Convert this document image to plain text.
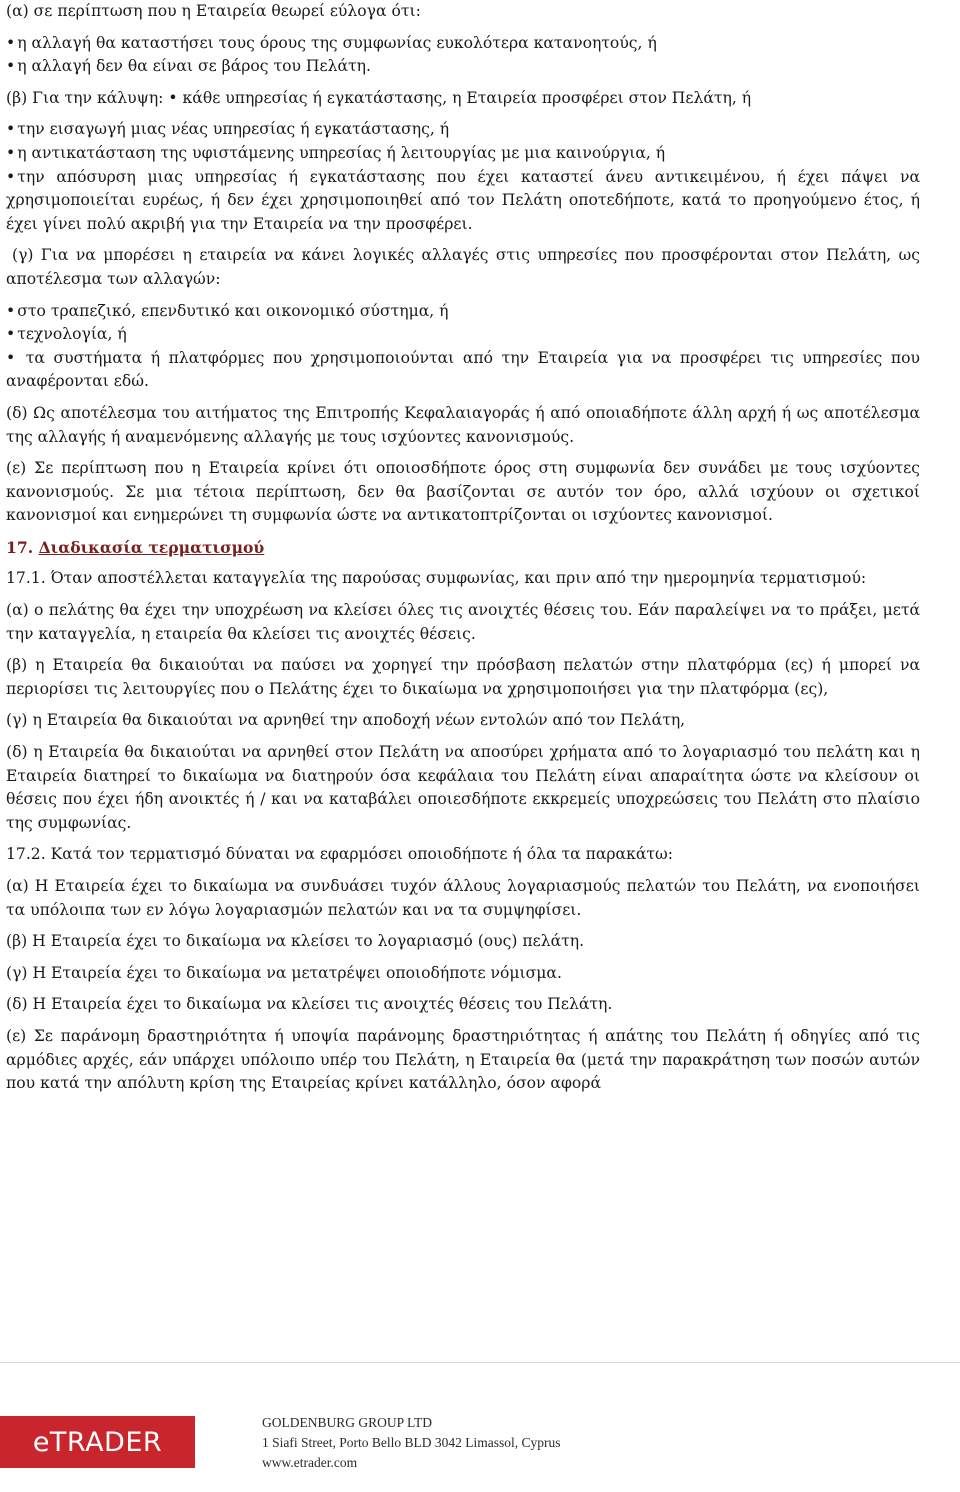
(α) σε περίπτωση που η Εταιρεία θεωρεί εύλογα ότι:

• η αλλαγή θα καταστήσει τους όρους της συμφωνίας ευκολότερα κατανοητούς, ή

• η αλλαγή δεν θα είναι σε βάρος του Πελάτη.

(β) Για την κάλυψη: • κάθε υπηρεσίας ή εγκατάστασης, η Εταιρεία προσφέρει στον Πελάτη, ή

• την εισαγωγή μιας νέας υπηρεσίας ή εγκατάστασης, ή

• η αντικατάσταση της υφιστάμενης υπηρεσίας ή λειτουργίας με μια καινούργια, ή

• την απόσυρση μιας υπηρεσίας ή εγκατάστασης που έχει καταστεί άνευ αντικειμένου, ή έχει πάψει να χρησιμοποιείται ευρέως, ή δεν έχει χρησιμοποιηθεί από τον Πελάτη οποτεδήποτε, κατά το προηγούμενο έτος, ή έχει γίνει πολύ ακριβή για την Εταιρεία να την προσφέρει.

(γ) Για να μπορέσει η εταιρεία να κάνει λογικές αλλαγές στις υπηρεσίες που προσφέρονται στον Πελάτη, ως αποτέλεσμα των αλλαγών:

• στο τραπεζικό, επενδυτικό και οικονομικό σύστημα, ή

• τεχνολογία, ή

• τα συστήματα ή πλατφόρμες που χρησιμοποιούνται από την Εταιρεία για να προσφέρει τις υπηρεσίες που αναφέρονται εδώ.

(δ) Ως αποτέλεσμα του αιτήματος της Επιτροπής Κεφαλαιαγοράς ή από οποιαδήποτε άλλη αρχή ή ως αποτέλεσμα της αλλαγής ή αναμενόμενης αλλαγής με τους ισχύοντες κανονισμούς.

(ε) Σε περίπτωση που η Εταιρεία κρίνει ότι οποιοσδήποτε όρος στη συμφωνία δεν συνάδει με τους ισχύοντες κανονισμούς. Σε μια τέτοια περίπτωση, δεν θα βασίζονται σε αυτόν τον όρο, αλλά ισχύουν οι σχετικοί κανονισμοί και ενημερώνει τη συμφωνία ώστε να αντικατοπτρίζονται οι ισχύοντες κανονισμοί.

17. Διαδικασία τερματισμού

17.1. Όταν αποστέλλεται καταγγελία της παρούσας συμφωνίας, και πριν από την ημερομηνία τερματισμού:

(α) ο πελάτης θα έχει την υποχρέωση να κλείσει όλες τις ανοιχτές θέσεις του. Εάν παραλείψει να το πράξει, μετά την καταγγελία, η εταιρεία θα κλείσει τις ανοιχτές θέσεις.

(β) η Εταιρεία θα δικαιούται να παύσει να χορηγεί την πρόσβαση πελατών στην πλατφόρμα (ες) ή μπορεί να περιορίσει τις λειτουργίες που ο Πελάτης έχει το δικαίωμα να χρησιμοποιήσει για την πλατφόρμα (ες),

(γ) η Εταιρεία θα δικαιούται να αρνηθεί την αποδοχή νέων εντολών από τον Πελάτη,

(δ) η Εταιρεία θα δικαιούται να αρνηθεί στον Πελάτη να αποσύρει χρήματα από το λογαριασμό του πελάτη και η Εταιρεία διατηρεί το δικαίωμα να διατηρούν όσα κεφάλαια του Πελάτη είναι απαραίτητα ώστε να κλείσουν οι θέσεις που έχει ήδη ανοικτές ή / και να καταβάλει οποιεσδήποτε εκκρεμείς υποχρεώσεις του Πελάτη στο πλαίσιο της συμφωνίας.

17.2. Κατά τον τερματισμό δύναται να εφαρμόσει οποιοδήποτε ή όλα τα παρακάτω:

(α) Η Εταιρεία έχει το δικαίωμα να συνδυάσει τυχόν άλλους λογαριασμούς πελατών του Πελάτη, να ενοποιήσει τα υπόλοιπα των εν λόγω λογαριασμών πελατών και να τα συμψηφίσει.

(β) Η Εταιρεία έχει το δικαίωμα να κλείσει το λογαριασμό (ους) πελάτη.

(γ) Η Εταιρεία έχει το δικαίωμα να μετατρέψει οποιοδήποτε νόμισμα.

(δ) Η Εταιρεία έχει το δικαίωμα να κλείσει τις ανοιχτές θέσεις του Πελάτη.

(ε) Σε παράνομη δραστηριότητα ή υποψία παράνομης δραστηριότητας ή απάτης του Πελάτη ή οδηγίες από τις αρμόδιες αρχές, εάν υπάρχει υπόλοιπο υπέρ του Πελάτη, η Εταιρεία θα (μετά την παρακράτηση των ποσών αυτών που κατά την απόλυτη κρίση της Εταιρείας κρίνει κατάλληλο, όσον αφορά

eTRADER
GOLDENBURG GROUP LTD
1 Siafi Street, Porto Bello BLD 3042 Limassol, Cyprus
www.etrader.com
